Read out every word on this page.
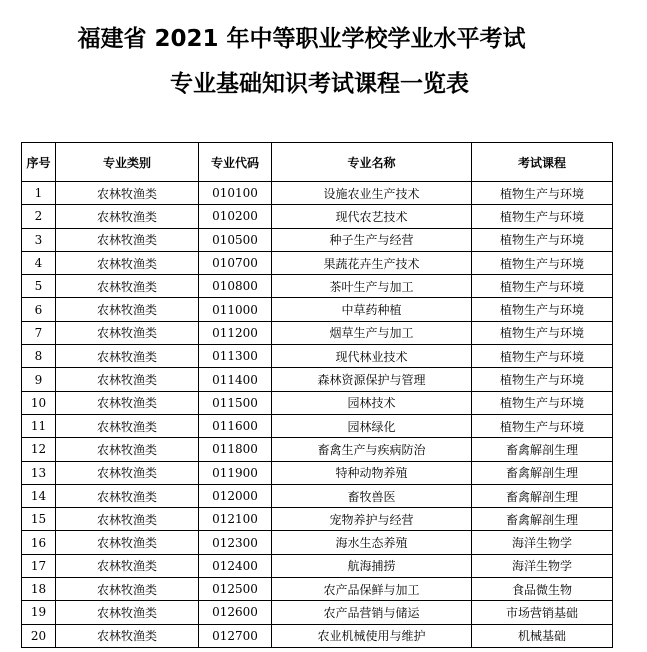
福建省 2021 年中等职业学校学业水平考试
专业基础知识考试课程一览表
序号	专业类别	专业代码	专业名称	考试课程
1	农林牧渔类	010100	设施农业生产技术	植物生产与环境
2	农林牧渔类	010200	现代农艺技术	植物生产与环境
3	农林牧渔类	010500	种子生产与经营	植物生产与环境
4	农林牧渔类	010700	果蔬花卉生产技术	植物生产与环境
5	农林牧渔类	010800	茶叶生产与加工	植物生产与环境
6	农林牧渔类	011000	中草药种植	植物生产与环境
7	农林牧渔类	011200	烟草生产与加工	植物生产与环境
8	农林牧渔类	011300	现代林业技术	植物生产与环境
9	农林牧渔类	011400	森林资源保护与管理	植物生产与环境
10	农林牧渔类	011500	园林技术	植物生产与环境
11	农林牧渔类	011600	园林绿化	植物生产与环境
12	农林牧渔类	011800	畜禽生产与疾病防治	畜禽解剖生理
13	农林牧渔类	011900	特种动物养殖	畜禽解剖生理
14	农林牧渔类	012000	畜牧兽医	畜禽解剖生理
15	农林牧渔类	012100	宠物养护与经营	畜禽解剖生理
16	农林牧渔类	012300	海水生态养殖	海洋生物学
17	农林牧渔类	012400	航海捕捞	海洋生物学
18	农林牧渔类	012500	农产品保鲜与加工	食品微生物
19	农林牧渔类	012600	农产品营销与储运	市场营销基础
20	农林牧渔类	012700	农业机械使用与维护	机械基础
